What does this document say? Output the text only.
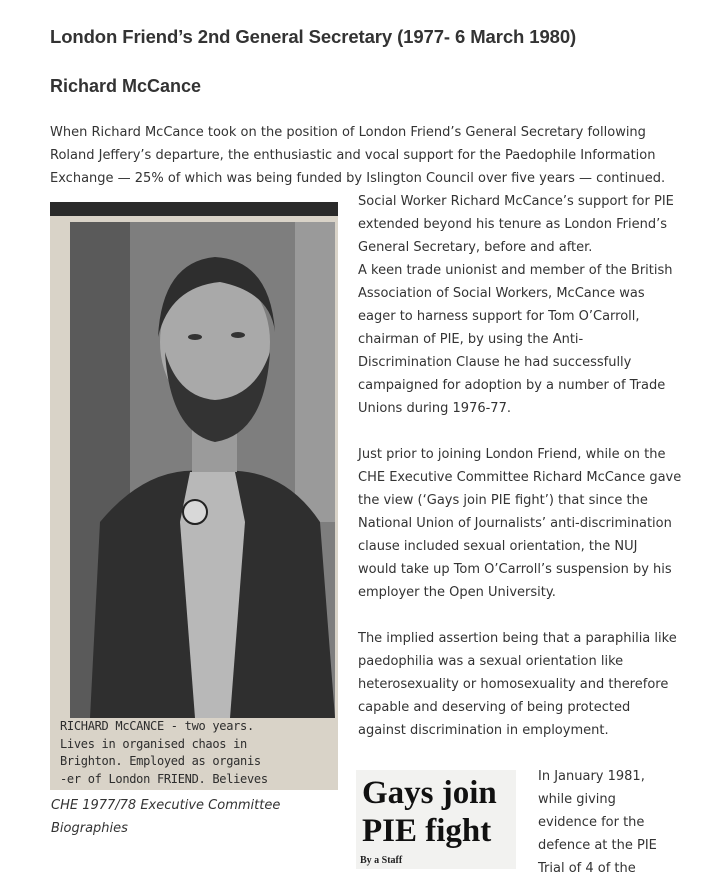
London Friend’s 2nd General Secretary (1977- 6 March 1980)
Richard McCance

When Richard McCance took on the position of London Friend’s General Secretary following
Roland Jeffery’s departure, the enthusiastic and vocal support for the Paedophile Information
Exchange — 25% of which was being funded by Islington Council over five years — continued.

RICHARD McCANCE - two years.
Lives in organised chaos in
Brighton. Employed as organis
-er of London FRIEND. Believes

CHE 1977/78 Executive Committee
Biographies

Social Worker Richard McCance’s support for PIE
extended beyond his tenure as London Friend’s
General Secretary, before and after.
A keen trade unionist and member of the British
Association of Social Workers, McCance was
eager to harness support for Tom O’Carroll,
chairman of PIE, by using the Anti-
Discrimination Clause he had successfully
campaigned for adoption by a number of Trade
Unions during 1976-77.

Just prior to joining London Friend, while on the
CHE Executive Committee Richard McCance gave
the view (‘Gays join PIE fight’) that since the
National Union of Journalists’ anti-discrimination
clause included sexual orientation, the NUJ
would take up Tom O’Carroll’s suspension by his
employer the Open University.

The implied assertion being that a paraphilia like
paedophilia was a sexual orientation like
heterosexuality or homosexuality and therefore
capable and deserving of being protected
against discrimination in employment.

Gays join

PIE fight

By a Staff

In January 1981,
while giving
evidence for the
defence at the PIE
Trial of 4 of the
